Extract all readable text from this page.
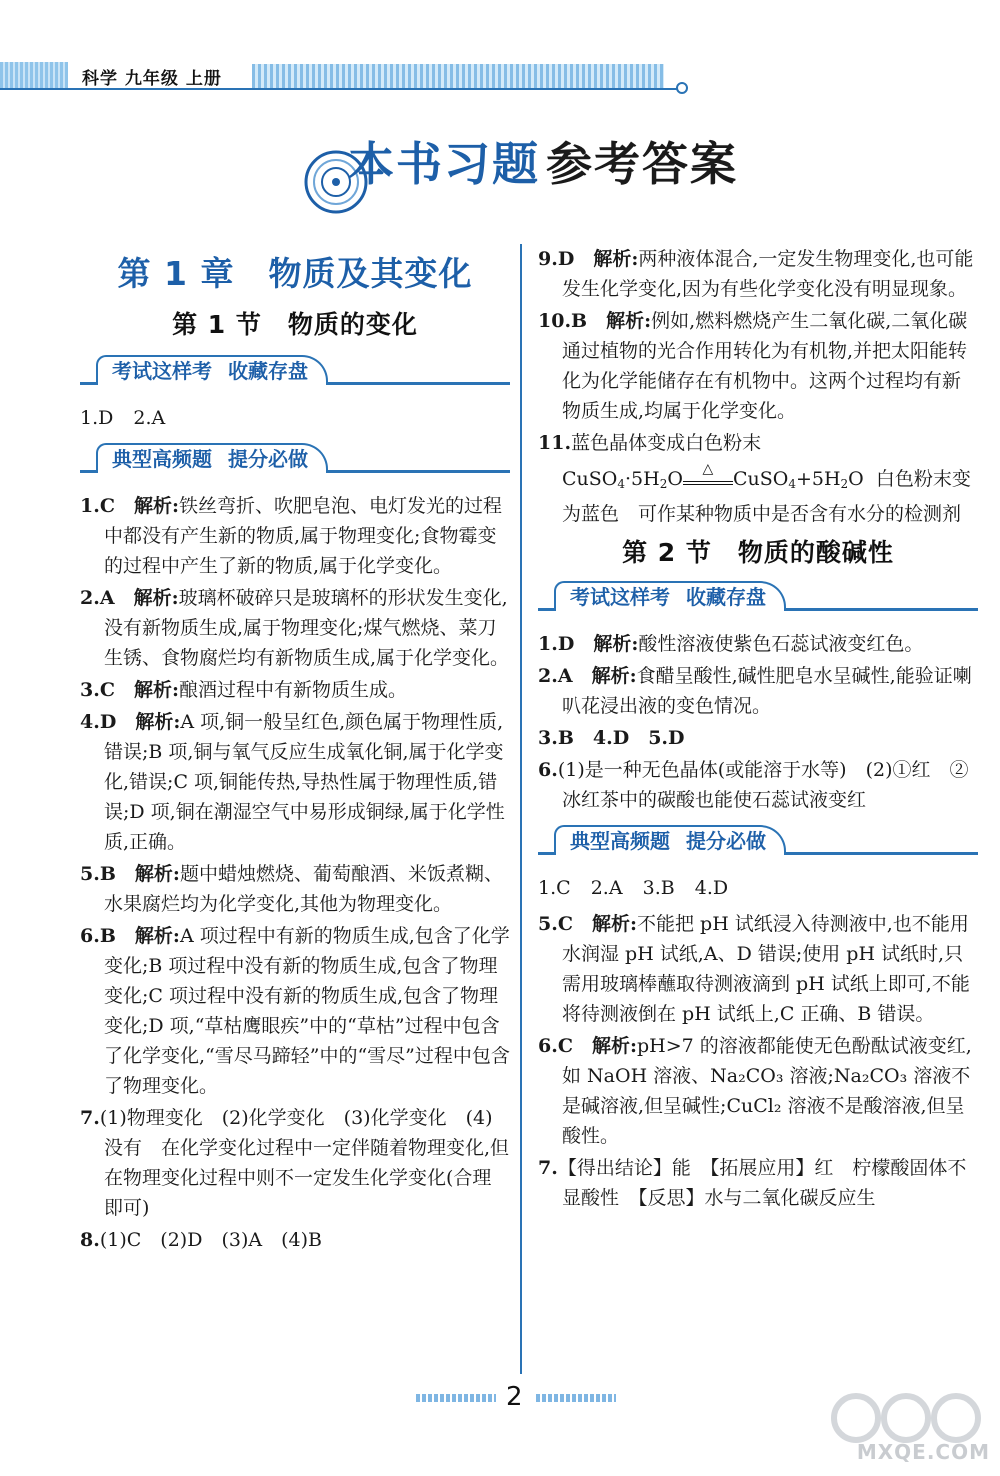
科学 九年级 上册
本书习题 参考答案
第 1 章　物质及其变化
第 1 节　物质的变化
考试这样考 收藏存盘
1.D 2.A
典型高频题 提分必做
1.C　 解析:铁丝弯折、吹肥皂泡、电灯发光的过程中都没有产生新的物质,属于物理变化;食物霉变的过程中产生了新的物质,属于化学变化。
2.A　 解析:玻璃杯破碎只是玻璃杯的形状发生变化,没有新物质生成,属于物理变化;煤气燃烧、菜刀生锈、食物腐烂均有新物质生成,属于化学变化。
3.C　 解析:酿酒过程中有新物质生成。
4.D　 解析:A 项,铜一般呈红色,颜色属于物理性质,错误;B 项,铜与氧气反应生成氧化铜,属于化学变化,错误;C 项,铜能传热,导热性属于物理性质,错误;D 项,铜在潮湿空气中易形成铜绿,属于化学性质,正确。
5.B　 解析:题中蜡烛燃烧、葡萄酿酒、米饭煮糊、水果腐烂均为化学变化,其他为物理变化。
6.B　 解析:A 项过程中有新的物质生成,包含了化学变化;B 项过程中没有新的物质生成,包含了物理变化;C 项过程中没有新的物质生成,包含了物理变化;D 项,“草枯鹰眼疾”中的“草枯”过程中包含了化学变化,“雪尽马蹄轻”中的“雪尽”过程中包含了物理变化。
7.(1)物理变化　(2)化学变化　(3)化学变化　(4)没有　在化学变化过程中一定伴随着物理变化,但在物理变化过程中则不一定发生化学变化(合理即可)
8.(1)C　(2)D　(3)A　(4)B
9.D　 解析:两种液体混合,一定发生物理变化,也可能发生化学变化,因为有些化学变化没有明显现象。
10.B　 解析:例如,燃料燃烧产生二氧化碳,二氧化碳通过植物的光合作用转化为有机物,并把太阳能转化为化学能储存在有机物中。这两个过程均有新物质生成,均属于化学变化。
11.蓝色晶体变成白色粉末
$CuSO_4\cdot 5H_2O$	△	$CuSO_4+5H_2O$ 白色粉末变为蓝色　可作某种物质中是否含有水分的检测剂
第 2 节　物质的酸碱性
考试这样考 收藏存盘
1.D　 解析:酸性溶液使紫色石蕊试液变红色。
2.A　 解析:食醋呈酸性,碱性肥皂水呈碱性,能验证喇叭花浸出液的变色情况。
3.B　4.D　5.D
6.(1)是一种无色晶体(或能溶于水等)　(2)①红　②冰红茶中的碳酸也能使石蕊试液变红
典型高频题 提分必做
1.C 2.A 3.B 4.D
5.C　 解析:不能把 pH 试纸浸入待测液中,也不能用水润湿 pH 试纸,A、D 错误;使用 pH 试纸时,只需用玻璃棒蘸取待测液滴到 pH 试纸上即可,不能将待测液倒在 pH 试纸上,C 正确、B 错误。
6.C　 解析:pH>7 的溶液都能使无色酚酞试液变红,如 NaOH 溶液、Na₂CO₃ 溶液;Na₂CO₃ 溶液不是碱溶液,但呈碱性;CuCl₂ 溶液不是酸溶液,但呈酸性。
7.【得出结论】能　【拓展应用】红　柠檬酸固体不显酸性　【反思】水与二氧化碳反应生
2
MXQE.COM
